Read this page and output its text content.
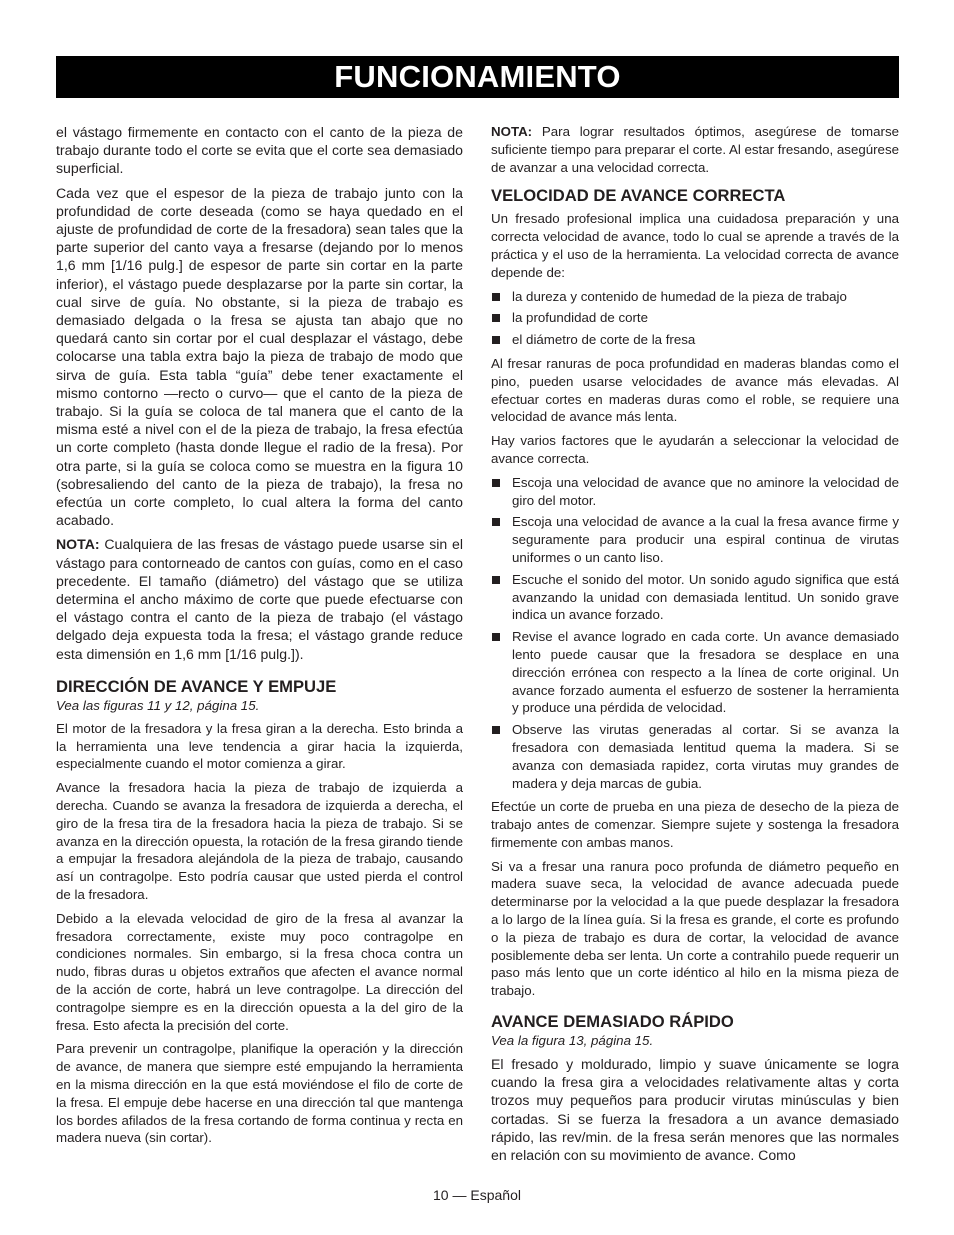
FUNCIONAMIENTO

el vástago firmemente en contacto con el canto de la pieza de trabajo durante todo el corte se evita que el corte sea demasiado superficial.

Cada vez que el espesor de la pieza de trabajo junto con la profundidad de corte deseada (como se haya quedado en el ajuste de profundidad de corte de la fresadora) sean tales que la parte superior del canto vaya a fresarse (dejando por lo menos 1,6 mm [1/16 pulg.] de espesor de parte sin cortar en la parte inferior), el vástago puede desplazarse por la parte sin cortar, la cual sirve de guía. No obstante, si la pieza de trabajo es demasiado delgada o la fresa se ajusta tan abajo que no quedará canto sin cortar por el cual desplazar el vástago, debe colocarse una tabla extra bajo la pieza de trabajo de modo que sirva de guía. Esta tabla “guía” debe tener exactamente el mismo contorno —recto o curvo— que el canto de la pieza de trabajo. Si la guía se coloca de tal manera que el canto de la misma esté a nivel con el de la pieza de trabajo, la fresa efectúa un corte completo (hasta donde llegue el radio de la fresa). Por otra parte, si la guía se coloca como se muestra en la figura 10 (sobresaliendo del canto de la pieza de trabajo), la fresa no efectúa un corte completo, lo cual altera la forma del canto acabado.

NOTA: Cualquiera de las fresas de vástago puede usarse sin el vástago para contorneado de cantos con guías, como en el caso precedente. El tamaño (diámetro) del vástago que se utiliza determina el ancho máximo de corte que puede efectuarse con el vástago contra el canto de la pieza de trabajo (el vástago delgado deja expuesta toda la fresa; el vástago grande reduce esta dimensión en 1,6 mm [1/16 pulg.]).

DIRECCIÓN DE AVANCE Y EMPUJE
Vea las figuras 11 y 12, página 15.

El motor de la fresadora y la fresa giran a la derecha. Esto brinda a la herramienta una leve tendencia a girar hacia la izquierda, especialmente cuando el motor comienza a girar.

Avance la fresadora hacia la pieza de trabajo de izquierda a derecha. Cuando se avanza la fresadora de izquierda a derecha, el giro de la fresa tira de la fresadora hacia la pieza de trabajo. Si se avanza en la dirección opuesta, la rotación de la fresa girando tiende a empujar la fresadora alejándola de la pieza de trabajo, causando así un contragolpe. Esto podría causar que usted pierda el control de la fresadora.

Debido a la elevada velocidad de giro de la fresa al avanzar la fresadora correctamente, existe muy poco contragolpe en condiciones normales. Sin embargo, si la fresa choca contra un nudo, fibras duras u objetos extraños que afecten el avance normal de la acción de corte, habrá un leve contragolpe. La dirección del contragolpe siempre es en la dirección opuesta a la del giro de la fresa. Esto afecta la precisión del corte.

Para prevenir un contragolpe, planifique la operación y la dirección de avance, de manera que siempre esté empujando la herramienta en la misma dirección en la que está moviéndose el filo de corte de la fresa. El empuje debe hacerse en una dirección tal que mantenga los bordes afilados de la fresa cortando de forma continua y recta en madera nueva (sin cortar).

NOTA: Para lograr resultados óptimos, asegúrese de tomarse suficiente tiempo para preparar el corte. Al estar fresando, asegúrese de avanzar a una velocidad correcta.

VELOCIDAD DE AVANCE CORRECTA

Un fresado profesional implica una cuidadosa preparación y una correcta velocidad de avance, todo lo cual se aprende a través de la práctica y el uso de la herramienta. La velocidad correcta de avance depende de:

la dureza y contenido de humedad de la pieza de trabajo
la profundidad de corte
el diámetro de corte de la fresa

Al fresar ranuras de poca profundidad en maderas blandas como el pino, pueden usarse velocidades de avance más elevadas. Al efectuar cortes en maderas duras como el roble, se requiere una velocidad de avance más lenta.

Hay varios factores que le ayudarán a seleccionar la velocidad de avance correcta.

Escoja una velocidad de avance que no aminore la velocidad de giro del motor.
Escoja una velocidad de avance a la cual la fresa avance firme y seguramente para producir una espiral continua de virutas uniformes o un canto liso.
Escuche el sonido del motor. Un sonido agudo significa que está avanzando la unidad con demasiada lentitud. Un sonido grave indica un avance forzado.
Revise el avance logrado en cada corte. Un avance demasiado lento puede causar que la fresadora se desplace en una dirección errónea con respecto a la línea de corte original. Un avance forzado aumenta el esfuerzo de sostener la herramienta y produce una pérdida de velocidad.
Observe las virutas generadas al cortar. Si se avanza la fresadora con demasiada lentitud quema la madera. Si se avanza con demasiada rapidez, corta virutas muy grandes de madera y deja marcas de gubia.

Efectúe un corte de prueba en una pieza de desecho de la pieza de trabajo antes de comenzar. Siempre sujete y sostenga la fresadora firmemente con ambas manos.

Si va a fresar una ranura poco profunda de diámetro pequeño en madera suave seca, la velocidad de avance adecuada puede determinarse por la velocidad a la que puede desplazar la fresadora a lo largo de la línea guía. Si la fresa es grande, el corte es profundo o la pieza de trabajo es dura de cortar, la velocidad de avance posiblemente deba ser lenta. Un corte a contrahilo puede requerir un paso más lento que un corte idéntico al hilo en la misma pieza de trabajo.

AVANCE DEMASIADO RÁPIDO
Vea la figura 13, página 15.

El fresado y moldurado, limpio y suave únicamente se logra cuando la fresa gira a velocidades relativamente altas y corta trozos muy pequeños para producir virutas minúsculas y bien cortadas. Si se fuerza la fresadora a un avance demasiado rápido, las rev/min. de la fresa serán menores que las normales en relación con su movimiento de avance. Como

10 — Español
